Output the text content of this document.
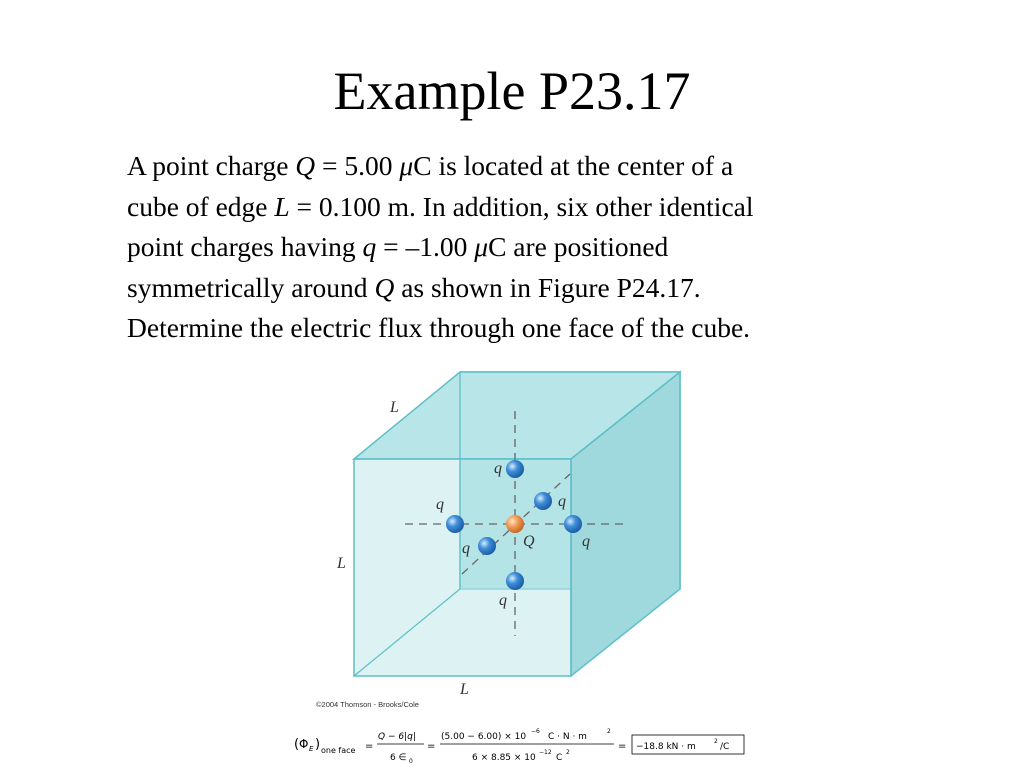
Example P23.17
A point charge Q = 5.00 μC is located at the center of a
cube of edge L = 0.100 m. In addition, six other identical
point charges having q = –1.00 μC are positioned
symmetrically around Q as shown in Figure P24.17.
Determine the electric flux through one face of the cube.
L
L
L
q
q
q
Q	q
q
q
©2004 Thomson - Brooks/Cole
( Φ E ) one face =
Q − 6|q|
6 ∈ 0
=
(5.00 − 6.00) × 10
−6
C · N · m
2
6 × 8.85 × 10
−12
C
2
= −18.8 kN · m
2
/C
